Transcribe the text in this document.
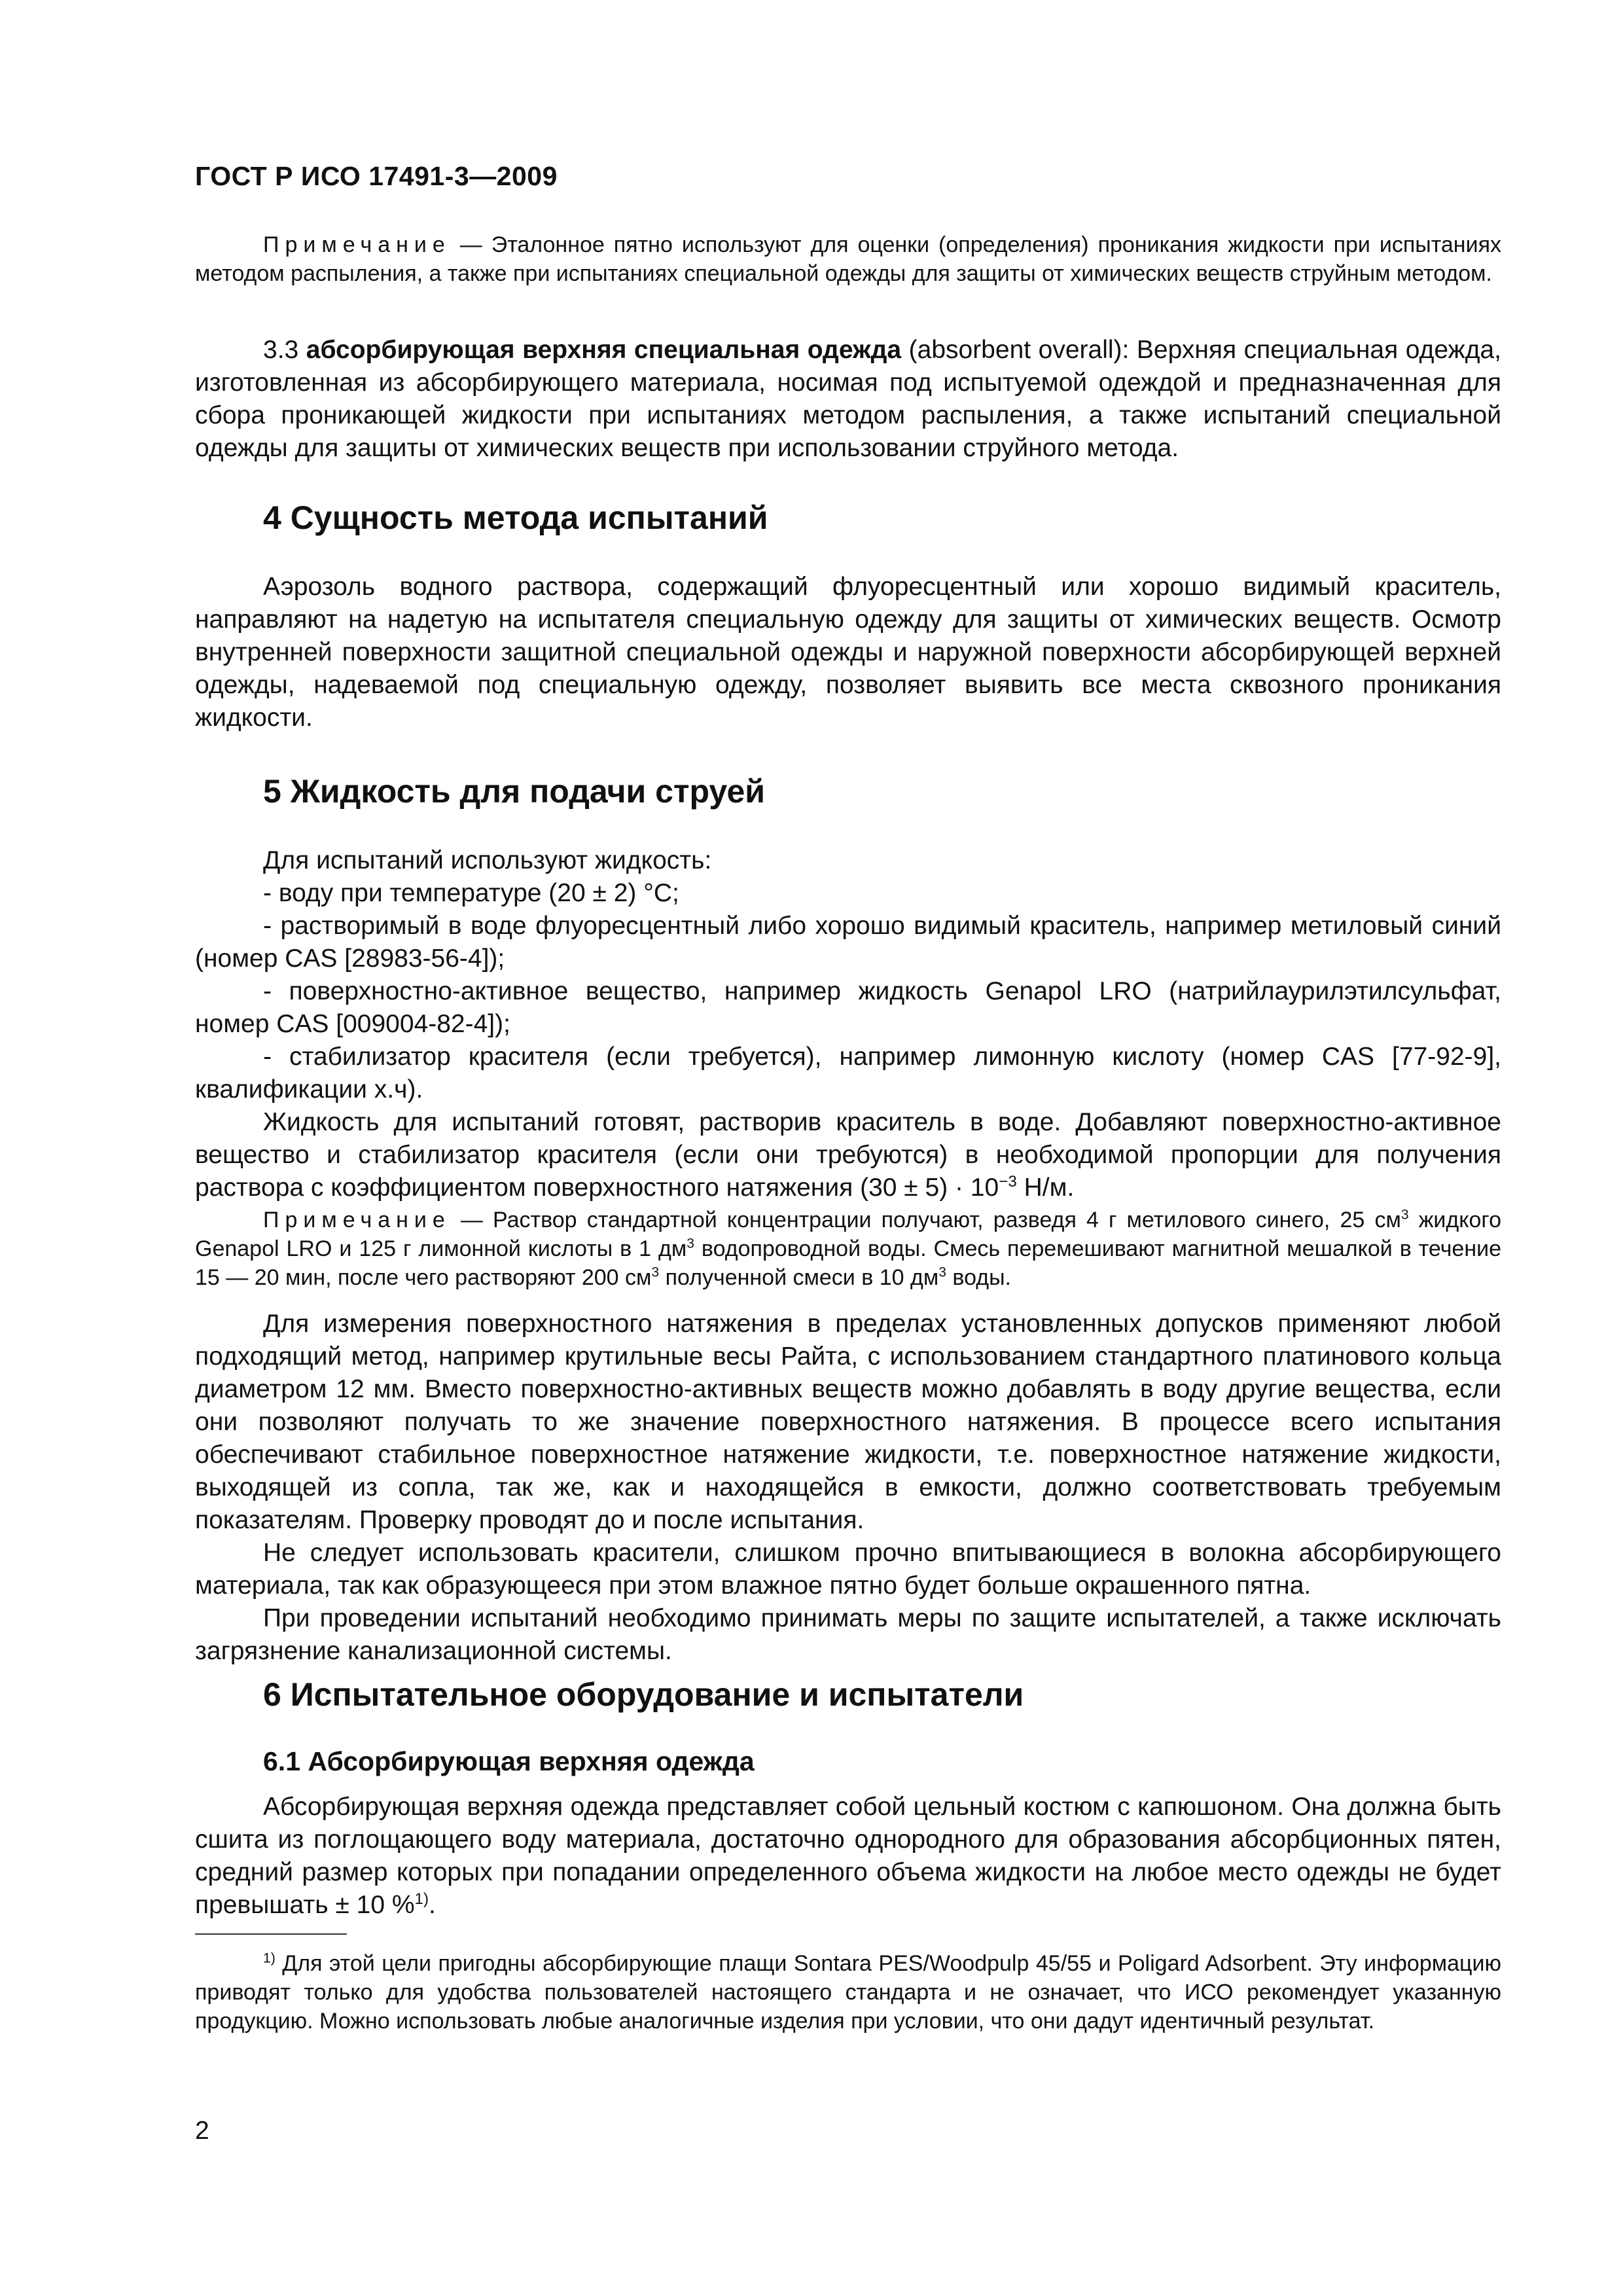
ГОСТ Р ИСО 17491-3—2009

Примечание — Эталонное пятно используют для оценки (определения) проникания жидкости при испытаниях методом распыления, а также при испытаниях специальной одежды для защиты от химических веществ струйным методом.

3.3 абсорбирующая верхняя специальная одежда (absorbent overall): Верхняя специальная одежда, изготовленная из абсорбирующего материала, носимая под испытуемой одеждой и предназначенная для сбора проникающей жидкости при испытаниях методом распыления, а также испытаний специальной одежды для защиты от химических веществ при использовании струйного метода.

4 Сущность метода испытаний

Аэрозоль водного раствора, содержащий флуоресцентный или хорошо видимый краситель, направляют на надетую на испытателя специальную одежду для защиты от химических веществ. Осмотр внутренней поверхности защитной специальной одежды и наружной поверхности абсорбирующей верхней одежды, надеваемой под специальную одежду, позволяет выявить все места сквозного проникания жидкости.

5 Жидкость для подачи струей

Для испытаний используют жидкость:

- воду при температуре (20 ± 2) °С;

- растворимый в воде флуоресцентный либо хорошо видимый краситель, например метиловый синий (номер CAS [28983-56-4]);

- поверхностно-активное вещество, например жидкость Genapol LRO (натрийлаурилэтилсульфат, номер CAS [009004-82-4]);

- стабилизатор красителя (если требуется), например лимонную кислоту (номер CAS [77-92-9], квалификации х.ч).

Жидкость для испытаний готовят, растворив краситель в воде. Добавляют поверхностно-активное вещество и стабилизатор красителя (если они требуются) в необходимой пропорции для получения раствора с коэффициентом поверхностного натяжения $(30 \pm 5) \cdot 10^{-3}$ Н/м.

Примечание — Раствор стандартной концентрации получают, разведя 4 г метилового синего, 25 $см^3$ жидкого Genapol LRO и 125 г лимонной кислоты в 1 $дм^3$ водопроводной воды. Смесь перемешивают магнитной мешалкой в течение 15 — 20 мин, после чего растворяют 200 $см^3$ полученной смеси в 10 $дм^3$ воды.

Для измерения поверхностного натяжения в пределах установленных допусков применяют любой подходящий метод, например крутильные весы Райта, с использованием стандартного платинового кольца диаметром 12 мм. Вместо поверхностно-активных веществ можно добавлять в воду другие вещества, если они позволяют получать то же значение поверхностного натяжения. В процессе всего испытания обеспечивают стабильное поверхностное натяжение жидкости, т.е. поверхностное натяжение жидкости, выходящей из сопла, так же, как и находящейся в емкости, должно соответствовать требуемым показателям. Проверку проводят до и после испытания.

Не следует использовать красители, слишком прочно впитывающиеся в волокна абсорбирующего материала, так как образующееся при этом влажное пятно будет больше окрашенного пятна.

При проведении испытаний необходимо принимать меры по защите испытателей, а также исключать загрязнение канализационной системы.

6 Испытательное оборудование и испытатели
6.1 Абсорбирующая верхняя одежда

Абсорбирующая верхняя одежда представляет собой цельный костюм с капюшоном. Она должна быть сшита из поглощающего воду материала, достаточно однородного для образования абсорбционных пятен, средний размер которых при попадании определенного объема жидкости на любое место одежды не будет превышать ± 10 %$^{1)}$.

$^{1)}$ Для этой цели пригодны абсорбирующие плащи Sontara PES/Woodpulp 45/55 и Poligard Adsorbent. Эту информацию приводят только для удобства пользователей настоящего стандарта и не означает, что ИСО рекомендует указанную продукцию. Можно использовать любые аналогичные изделия при условии, что они дадут идентичный результат.

2
